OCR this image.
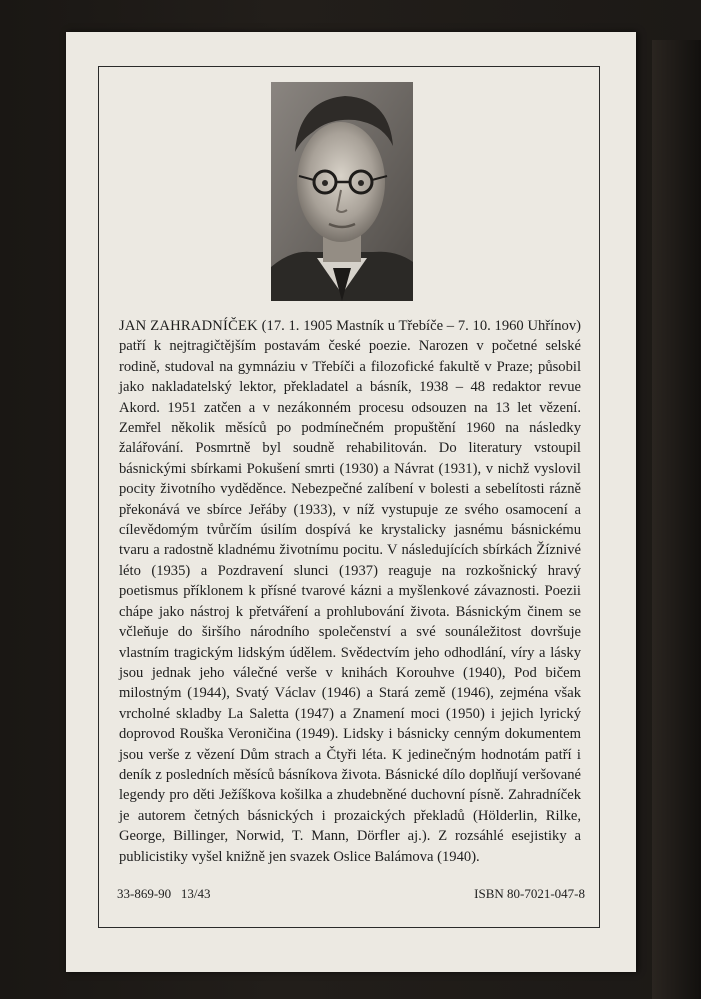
JAN ZAHRADNÍČEK (17. 1. 1905 Mastník u Třebíče – 7. 10. 1960 Uhřínov) patří k nejtragičtějším postavám české poezie. Narozen v početné selské rodině, studoval na gymnáziu v Třebíči a filozofické fakultě v Praze; působil jako nakladatelský lektor, překladatel a básník, 1938 – 48 redaktor revue Akord. 1951 zatčen a v nezákonném procesu odsouzen na 13 let vězení. Zemřel několik měsíců po podmínečném propuštění 1960 na následky žalářování. Posmrtně byl soudně rehabilitován. Do literatury vstoupil básnickými sbírkami Pokušení smrti (1930) a Návrat (1931), v nichž vyslovil pocity životního vyděděnce. Nebezpečné zalíbení v bolesti a sebelítosti rázně překonává ve sbírce Jeřáby (1933), v níž vystupuje ze svého osamocení a cílevědomým tvůrčím úsilím dospívá ke krystalicky jasnému básnickému tvaru a radostně kladnému životnímu pocitu. V následujících sbírkách Žíznivé léto (1935) a Pozdravení slunci (1937) reaguje na rozkošnický hravý poetismus příklonem k přísné tvarové kázni a myšlenkové závaznosti. Poezii chápe jako nástroj k přetváření a prohlubování života. Básnickým činem se včleňuje do širšího národního společenství a své sounáležitost dovršuje vlastním tragickým lidským údělem. Svědectvím jeho odhodlání, víry a lásky jsou jednak jeho válečné verše v knihách Korouhve (1940), Pod bičem milostným (1944), Svatý Václav (1946) a Stará země (1946), zejména však vrcholné skladby La Saletta (1947) a Znamení moci (1950) i jejich lyrický doprovod Rouška Veroničina (1949). Lidsky i básnicky cenným dokumentem jsou verše z vězení Dům strach a Čtyři léta. K jedinečným hodnotám patří i deník z posledních měsíců básníkova života. Básnické dílo doplňují veršované legendy pro děti Ježíškova košilka a zhudebněné duchovní písně. Zahradníček je autorem četných básnických i prozaických překladů (Hölderlin, Rilke, George, Billinger, Norwid, T. Mann, Dörfler aj.). Z rozsáhlé esejistiky a publicistiky vyšel knižně jen svazek Oslice Balámova (1940).

33-869-90   13/43	ISBN 80-7021-047-8
